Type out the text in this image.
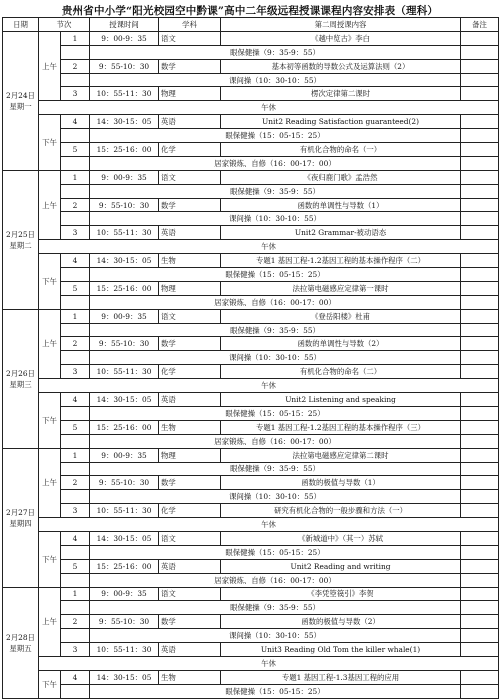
贵州省中小学“阳光校园空中黔课”高中二年级远程授课课程内容安排表（理科）
日期	节次		授课时间	学科	第二周授课内容	备注

2月24日
星期一	上午	1	9：00-9：35	语文	《越中览古》李白	
			眼保健操（9：35-9：55）			
		2	9：55-10：30	数学	基本初等函数的导数公式及运算法则（2）	
			课间操（10：30-10：55）			
		3	10：55-11：30	物理	楞次定律第二课时	
	午休					
	下午	4	14：30-15：05	英语	Unit2 Reading Satisfaction guaranteed(2)	
			眼保健操（15：05-15：25）			
		5	15：25-16：00	化学	有机化合物的命名（一）	
			居家锻炼、自修（16：00-17：00）			

2月25日
星期二	上午	1	9：00-9：35	语文	《夜归鹿门歌》孟浩然	
			眼保健操（9：35-9：55）			
		2	9：55-10：30	数学	函数的单调性与导数（1）	
			课间操（10：30-10：55）			
		3	10：55-11：30	英语	Unit2 Grammar-被动语态	
	午休					
	下午	4	14：30-15：05	生物	专题1 基因工程-1.2基因工程的基本操作程序（二）	
			眼保健操（15：05-15：25）			
		5	15：25-16：00	物理	法拉第电磁感应定律第一课时	
			居家锻炼、自修（16：00-17：00）			

2月26日
星期三	上午	1	9：00-9：35	语文	《登岳阳楼》杜甫	
			眼保健操（9：35-9：55）			
		2	9：55-10：30	数学	函数的单调性与导数（2）	
			课间操（10：30-10：55）			
		3	10：55-11：30	化学	有机化合物的命名（二）	
	午休					
	下午	4	14：30-15：05	英语	Unit2 Listening and speaking	
			眼保健操（15：05-15：25）			
		5	15：25-16：00	生物	专题1 基因工程-1.2基因工程的基本操作程序（三）	
			居家锻炼、自修（16：00-17：00）			

2月27日
星期四	上午	1	9：00-9：35	物理	法拉第电磁感应定律第二课时	
			眼保健操（9：35-9：55）			
		2	9：55-10：30	数学	函数的极值与导数（1）	
			课间操（10：30-10：55）			
		3	10：55-11：30	化学	研究有机化合物的一般步骤和方法（一）	
	午休					
	下午	4	14：30-15：05	语文	《新城道中》（其一）苏轼	
			眼保健操（15：05-15：25）			
		5	15：25-16：00	英语	Unit2 Reading and writing	
			居家锻炼、自修（16：00-17：00）			

2月28日
星期五	上午	1	9：00-9：35	语文	《李凭箜篌引》李贺	
			眼保健操（9：35-9：55）			
		2	9：55-10：30	数学	函数的极值与导数（2）	
			课间操（10：30-10：55）			
		3	10：55-11：30	英语	Unit3 Reading Old Tom the killer whale(1)	
	午休					
	下午	4	14：30-15：05	生物	专题1 基因工程-1.3基因工程的应用	
			眼保健操（15：05-15：25）			
